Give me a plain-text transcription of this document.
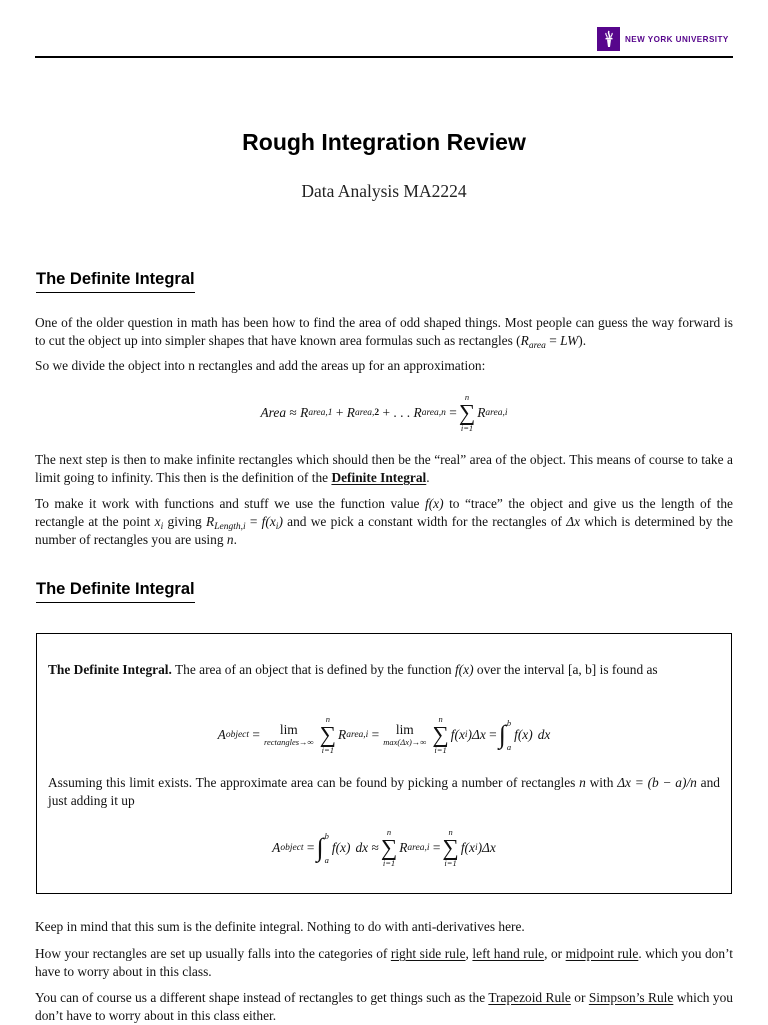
NEW YORK UNIVERSITY
Rough Integration Review
Data Analysis MA2224
The Definite Integral
One of the older question in math has been how to find the area of odd shaped things. Most people can guess the way forward is to cut the object up into simpler shapes that have known area formulas such as rectangles $(R_{area} = LW)$.
So we divide the object into n rectangles and add the areas up for an approximation:
Area
≈
R area,1
+
R area,2
+ . . .
R area,n
=
n
∑
i=1
R area,i
The next step is then to make infinite rectangles which should then be the “real” area of the object. This means of course to take a limit going to infinity. This then is the definition of the Definite Integral.
To make it work with functions and stuff we use the function value f(x) to “trace” the object and give us the length of the rectangle at the point $x_i$ giving $R_{Length,i} = f(x_i)$ and we pick a constant width for the rectangles of Δx which is determined by the number of rectangles you are using n.
The Definite Integral
The Definite Integral. The area of an object that is defined by the function f(x) over the interval [a, b] is found as
A object
= lim
rectangles→∞
n
∑
i=1
R area,i
= lim
max(Δx)→∞
n
∑
i=1
f(x i )Δx
= ∫ b
a
f(x) dx
Assuming this limit exists. The approximate area can be found by picking a number of rectangles n with Δx = (b − a)/n and just adding it up
A object
= ∫ b
a
f(x) dx
≈
n
∑
i=1
R area,i
=
n
∑
i=1
f(x i )Δx
Keep in mind that this sum is the definite integral. Nothing to do with anti-derivatives here.
How your rectangles are set up usually falls into the categories of right side rule, left hand rule, or midpoint rule. which you don’t have to worry about in this class.
You can of course us a different shape instead of rectangles to get things such as the Trapezoid Rule or Simpson’s Rule which you don’t have to worry about in this class either.
